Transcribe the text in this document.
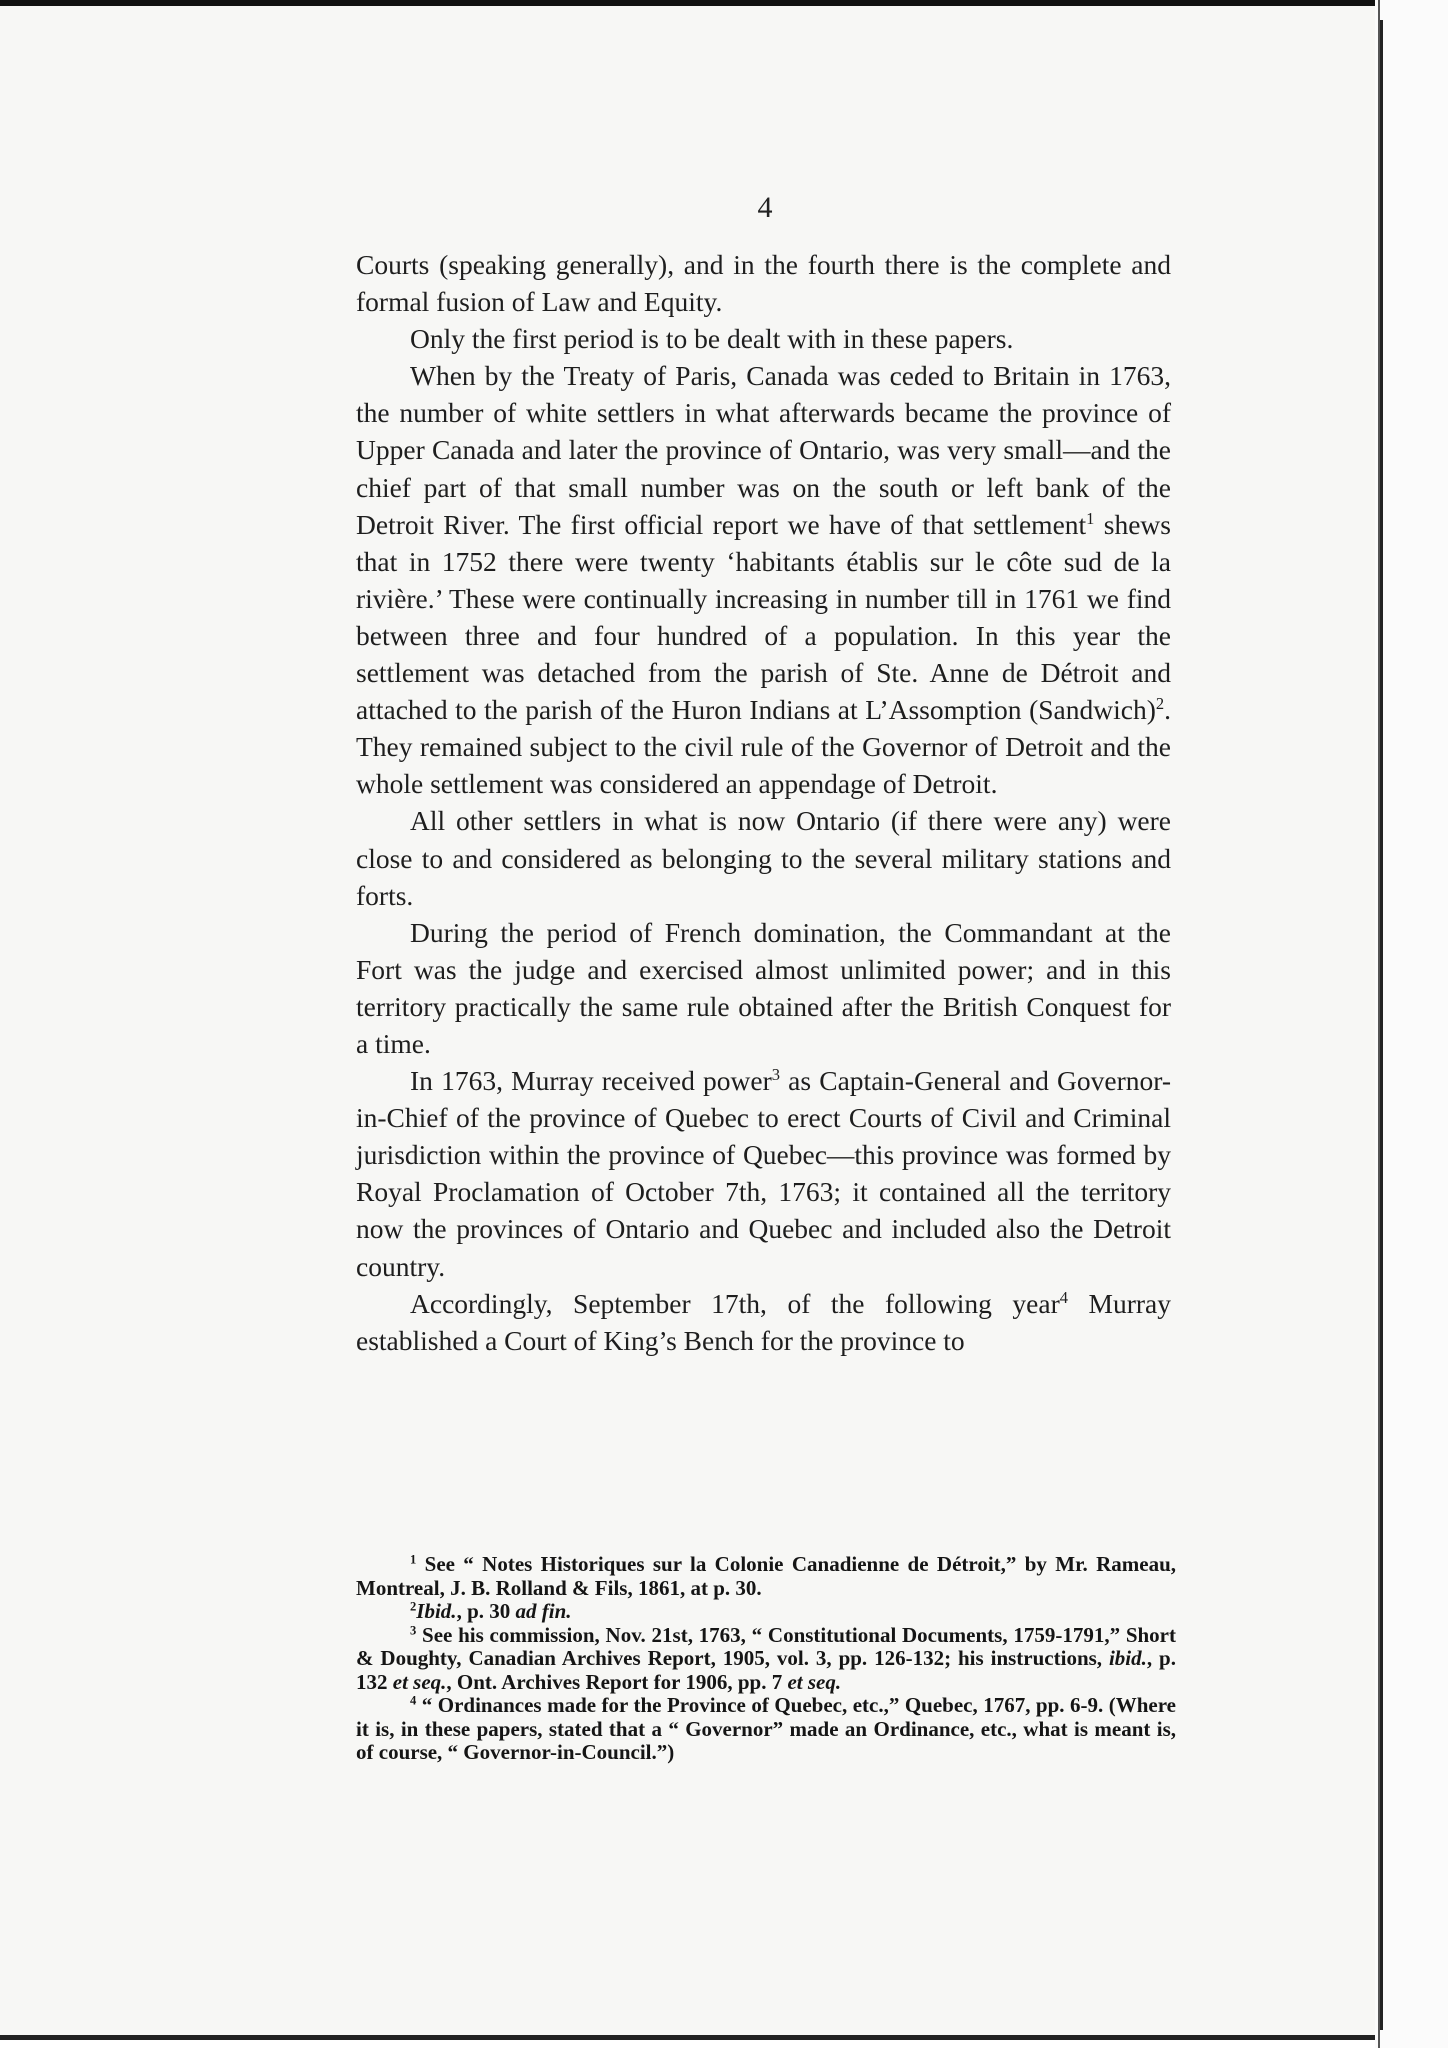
4

Courts (speaking generally), and in the fourth there is the complete and formal fusion of Law and Equity.

Only the first period is to be dealt with in these papers.

When by the Treaty of Paris, Canada was ceded to Britain in 1763, the number of white settlers in what afterwards became the province of Upper Canada and later the province of Ontario, was very small—and the chief part of that small number was on the south or left bank of the Detroit River. The first official report we have of that settlement$^1$ shews that in 1752 there were twenty ‘habitants établis sur le côte sud de la rivière.’ These were continually increasing in number till in 1761 we find between three and four hundred of a population. In this year the settlement was detached from the parish of Ste. Anne de Détroit and attached to the parish of the Huron Indians at L’Assomption (Sandwich)$^2$. They remained subject to the civil rule of the Governor of Detroit and the whole settlement was considered an appendage of Detroit.

All other settlers in what is now Ontario (if there were any) were close to and considered as belonging to the several military stations and forts.

During the period of French domination, the Commandant at the Fort was the judge and exercised almost unlimited power; and in this territory practically the same rule obtained after the British Conquest for a time.

In 1763, Murray received power$^3$ as Captain-General and Governor-in-Chief of the province of Quebec to erect Courts of Civil and Criminal jurisdiction within the province of Quebec—this province was formed by Royal Proclamation of October 7th, 1763; it contained all the territory now the provinces of Ontario and Quebec and included also the Detroit country.

Accordingly, September 17th, of the following year$^4$ Murray established a Court of King’s Bench for the province to

$^1$ See “ Notes Historiques sur la Colonie Canadienne de Détroit,” by Mr. Rameau, Montreal, J. B. Rolland & Fils, 1861, at p. 30.

$^2$Ibid., p. 30 ad fin.

$^3$ See his commission, Nov. 21st, 1763, “ Constitutional Documents, 1759-1791,” Short & Doughty, Canadian Archives Report, 1905, vol. 3, pp. 126-132; his instructions, ibid., p. 132 et seq., Ont. Archives Report for 1906, pp. 7 et seq.

$^4$ “ Ordinances made for the Province of Quebec, etc.,” Quebec, 1767, pp. 6-9. (Where it is, in these papers, stated that a “ Governor” made an Ordinance, etc., what is meant is, of course, “ Governor-in-Council.”)
